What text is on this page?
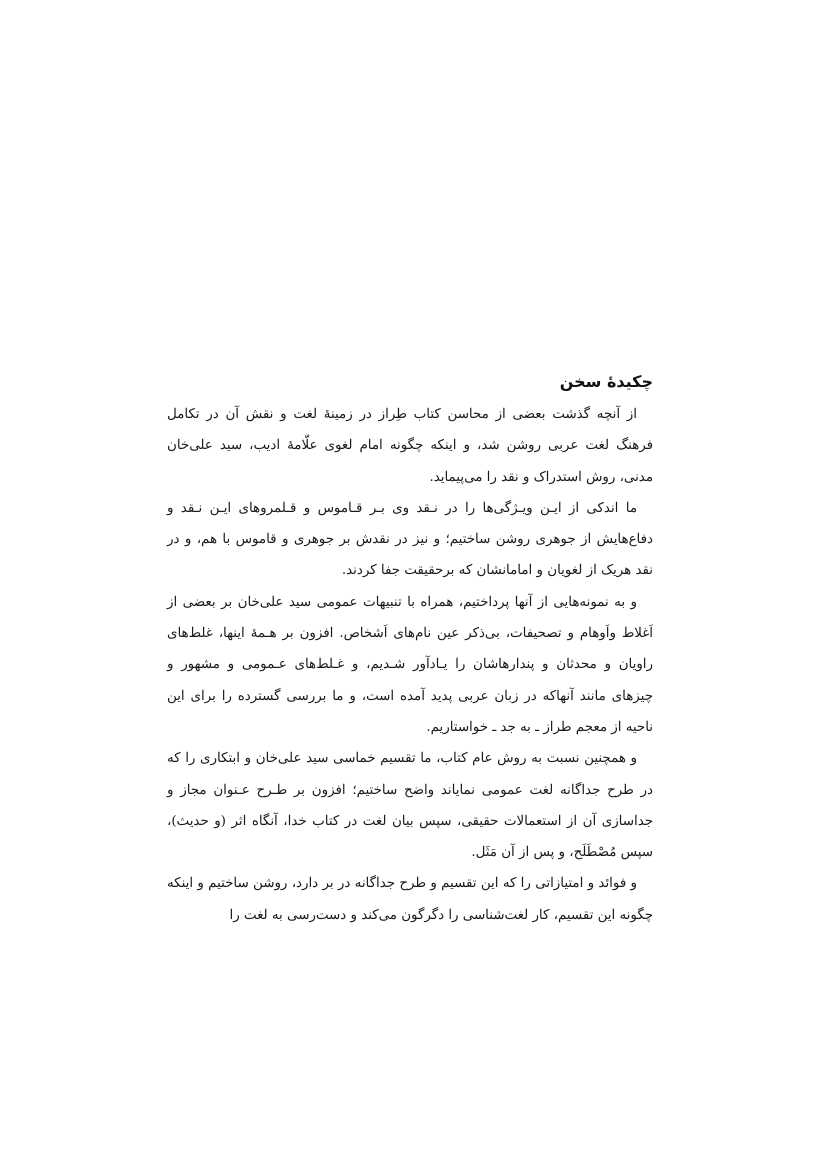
چکیدهٔ سخن

از آنچه گذشت بعضی از محاسن کتاب طِراز در زمینهٔ لغت و نقش آن در تکامل فرهنگ لغت عربی روشن شد، و اینکه چگونه امام لغوی علّامهٔ ادیب، سید علی‌خان مدنی، روش استدراک و نقد را می‌پیماید.

ما اندکی از ایـن ویـژگی‌ها را در نـقد وی بـر قـاموس و قـلمروهای ایـن نـقد و دفاع‌هایش از جوهری روشن ساختیم؛ و نیز در نقدش بر جوهری و قاموس با هم، و در نقد هریک از لغویان و امامانشان که برحقیقت جفا کردند.

و به نمونه‌هایی از آنها پرداختیم، همراه با تنبیهات عمومی سید علی‌خان بر بعضی از اَغلاط واَوهام و تصحیفات، بی‌ذکر عین نام‌های اَشخاص. افزون بر هـمهٔ اینها، غلط‌های راویان و محدثان و پندارهاشان را یـادآور شـدیم، و غـلط‌های عـمومی و مشهور و چیزهای مانند آنهاکه در زبان عربی پدید آمده است، و ما بررسی گسترده را برای این ناحیه از معجم طراز ـ به جد ـ خواستاریم.

و همچنین نسبت به روش عام کتاب، ما تقسیم خماسی سید علی‌خان و ابتکاری را که در طرح جداگانه لغت عمومی نمایاند واضح ساختیم؛ افزون بر طـرح عـنوان مجاز و جداسازی آن از استعمالات حقیقی، سپس بیان لغت در کتاب خدا، آنگاه اثر (و حدیث)، سپس مُصْطَلَح، و پس از آن مَثَل.

و فوائد و امتیازاتی را که این تقسیم و طرح جداگانه در بر دارد، روشن ساختیم و اینکه چگونه این تقسیم، کار لغت‌شناسی را دگرگون می‌کند و دست‌رسی به لغت را
